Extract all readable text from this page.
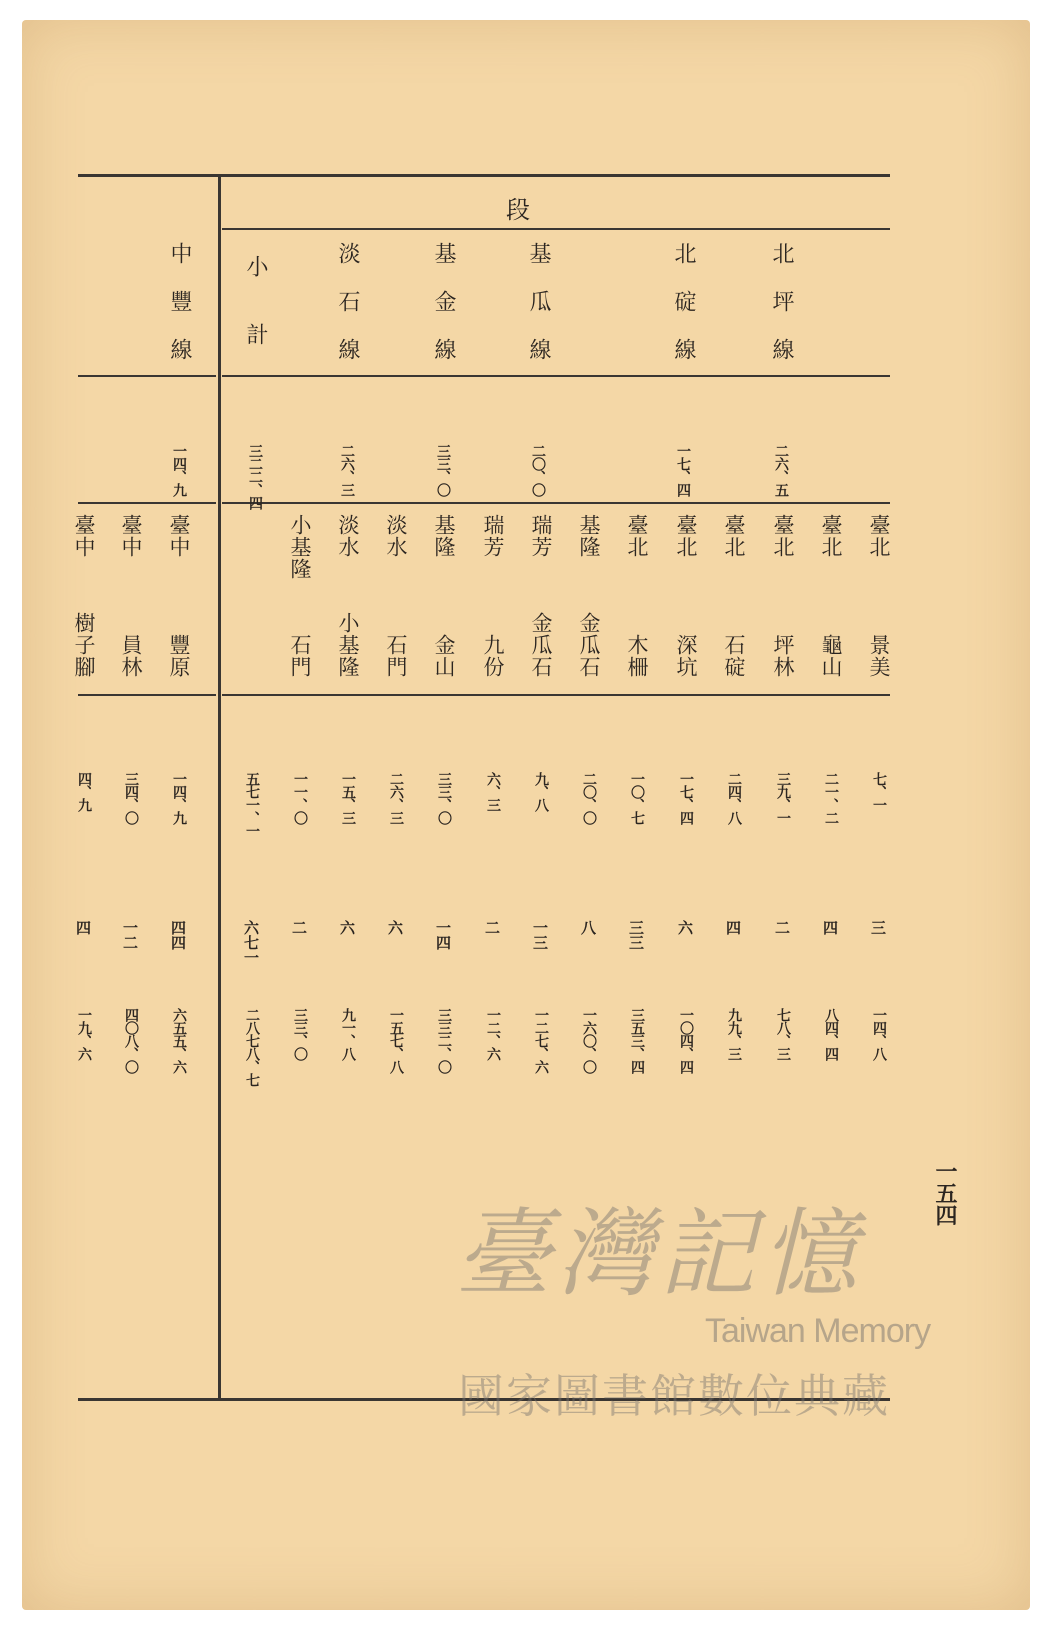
段
北坪線
二六、五
北碇線
一七、四
基瓜線
二〇、〇
基金線
三三、〇
淡石線
二六、三
小計
三二二、四
中豐線
一四、九
臺北
景美
七、一
三
一四、八
臺北
龜山
二一、二
四
八四、四
臺北
坪林
三九、一
二
七八、三
臺北
石碇
二四、八
四
九九、三
臺北
深坑
一七、四
六
一〇四、四
臺北
木柵
一〇、七
三三
三五三、四
基隆
金瓜石
二〇、〇
八
一六〇、〇
瑞芳
金瓜石
九、八
一三
一二七、六
瑞芳
九份
六、三
二
一二、六
基隆
金山
三三、〇
一四
三三二、〇
淡水
石門
二六、三
六
一五七、八
淡水
小基隆
一五、三
六
九一、八
小基隆
石門
一一、〇
二
三三、〇
五七一、一
六七一
二八七八、七
臺中
豐原
一四、九
四四
六五五、六
臺中
員林
三四、〇
一二
四〇八、〇
臺中
樹子腳
四、九
四
一九、六
一五四
臺灣記憶
Taiwan Memory
國家圖書館數位典藏
